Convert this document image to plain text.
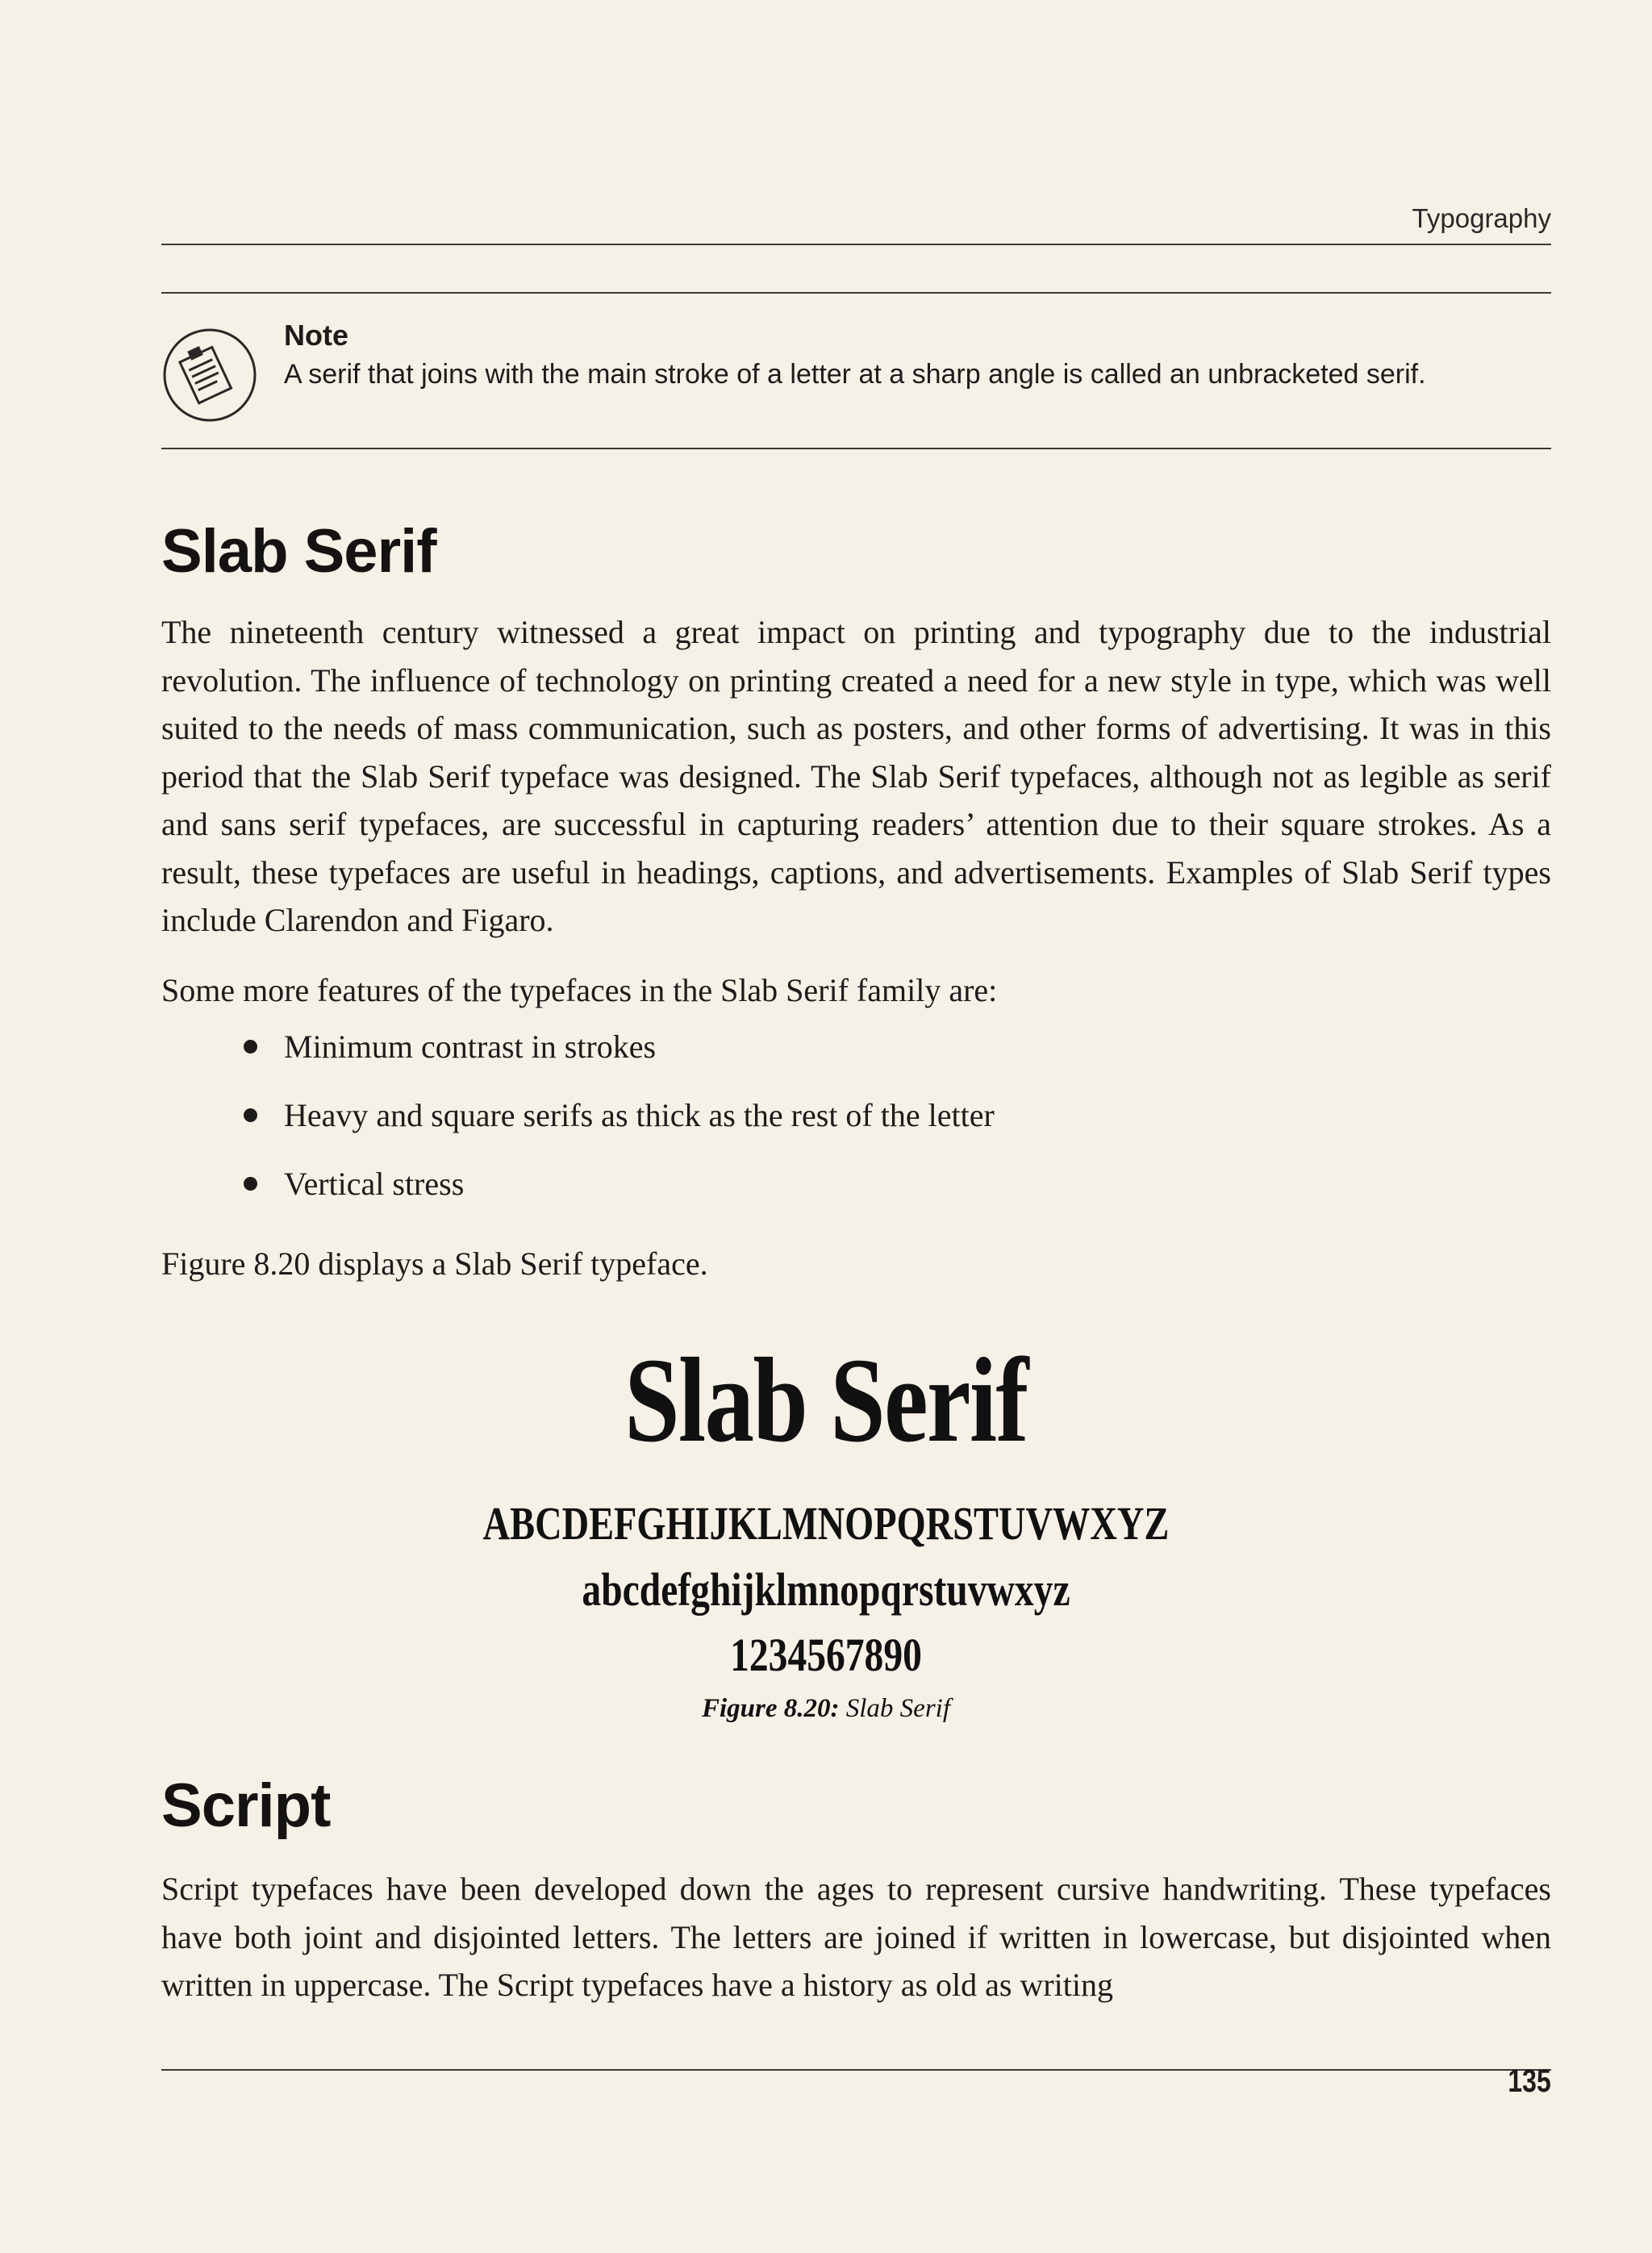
Typography
Note
A serif that joins with the main stroke of a letter at a sharp angle is called an unbracketed serif.
Slab Serif
The nineteenth century witnessed a great impact on printing and typography due to the industrial revolution. The influence of technology on printing created a need for a new style in type, which was well suited to the needs of mass communication, such as posters, and other forms of advertising. It was in this period that the Slab Serif typeface was designed. The Slab Serif typefaces, although not as legible as serif and sans serif typefaces, are successful in capturing readers’ attention due to their square strokes. As a result, these typefaces are useful in headings, captions, and advertisements. Examples of Slab Serif types include Clarendon and Figaro.
Some more features of the typefaces in the Slab Serif family are:
Minimum contrast in strokes
Heavy and square serifs as thick as the rest of the letter
Vertical stress
Figure 8.20 displays a Slab Serif typeface.
Slab Serif
ABCDEFGHIJKLMNOPQRSTUVWXYZ
abcdefghijklmnopqrstuvwxyz
1234567890
Figure 8.20: Slab Serif
Script
Script typefaces have been developed down the ages to represent cursive handwriting. These typefaces have both joint and disjointed letters. The letters are joined if written in lowercase, but disjointed when written in uppercase. The Script typefaces have a history as old as writing
135
